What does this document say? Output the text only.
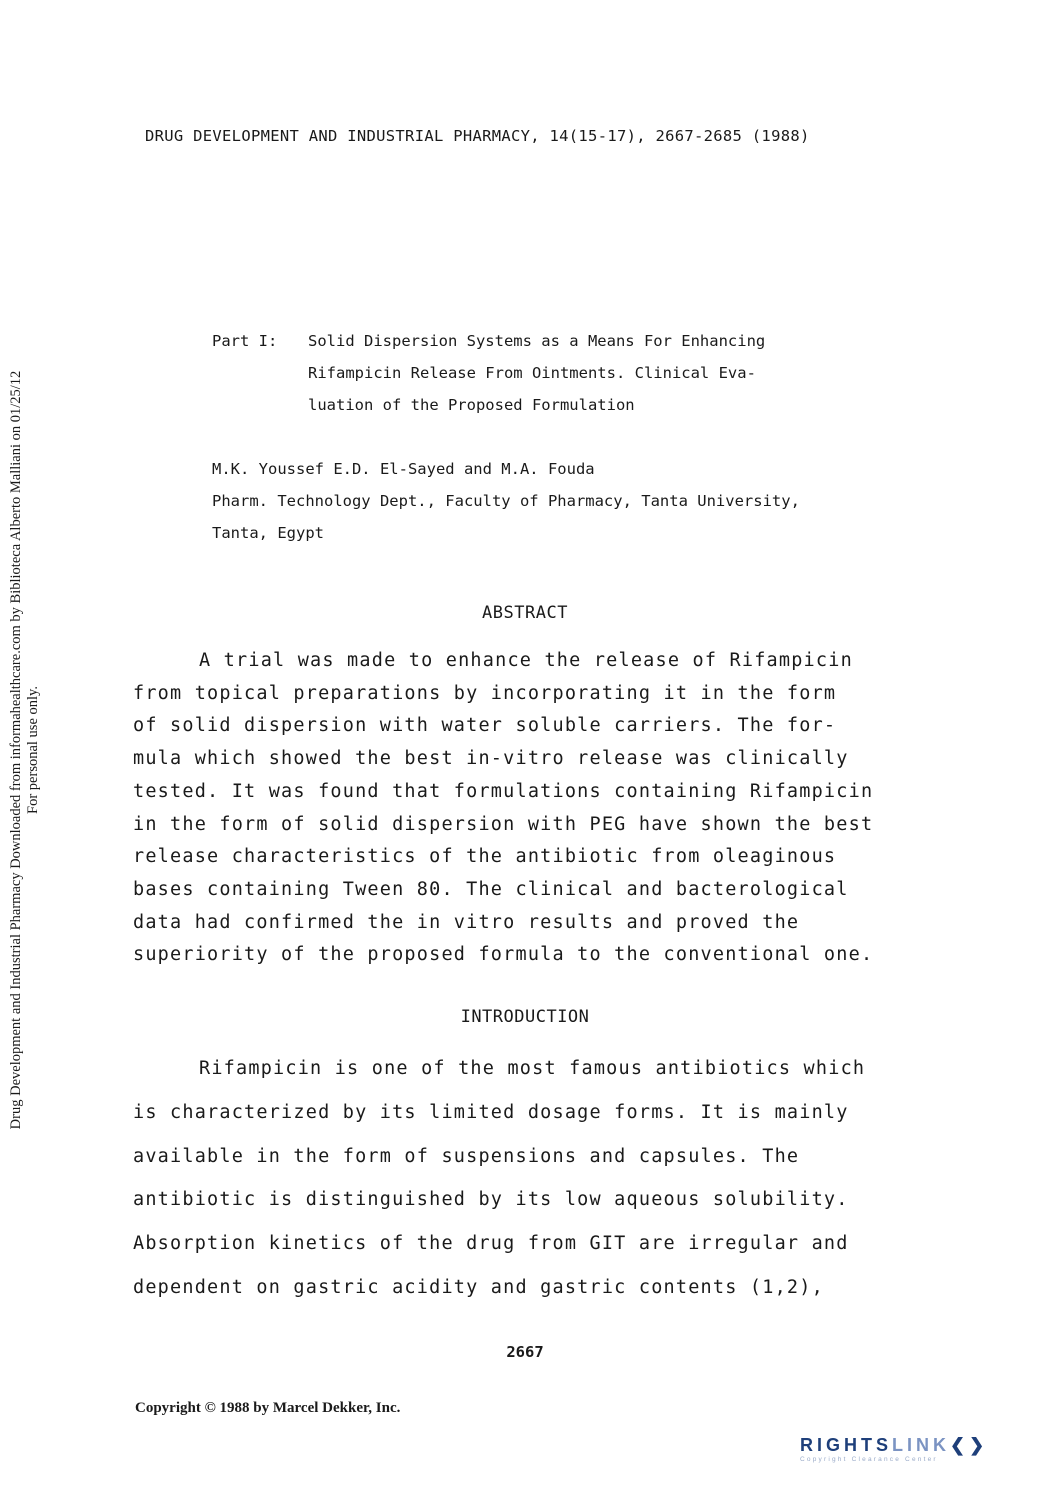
DRUG DEVELOPMENT AND INDUSTRIAL PHARMACY, 14(15-17), 2667-2685 (1988)
Drug Development and Industrial Pharmacy Downloaded from informahealthcare.com by Biblioteca Alberto Malliani on 01/25/12 For personal use only.
Part I:	Solid Dispersion Systems as a Means For Enhancing
Rifampicin Release From Ointments. Clinical Eva-
luation of the Proposed Formulation
M.K. Youssef E.D. El-Sayed and M.A. Fouda
Pharm. Technology Dept., Faculty of Pharmacy, Tanta University,
Tanta, Egypt
ABSTRACT
A trial was made to enhance the release of Rifampicin
from topical preparations by incorporating it in the form
of solid dispersion with water soluble carriers. The for-
mula which showed the best in-vitro release was clinically
tested. It was found that formulations containing Rifampicin
in the form of solid dispersion with PEG have shown the best
release characteristics of the antibiotic from oleaginous
bases containing Tween 80. The clinical and bacterological
data had confirmed the in vitro results and proved the
superiority of the proposed formula to the conventional one.
INTRODUCTION
Rifampicin is one of the most famous antibiotics which
is characterized by its limited dosage forms. It is mainly
available in the form of suspensions and capsules. The
antibiotic is distinguished by its low aqueous solubility.
Absorption kinetics of the drug from GIT are irregular and
dependent on gastric acidity and gastric contents (1,2),
2667
Copyright © 1988 by Marcel Dekker, Inc.
RIGHTSLINK❮❯
Copyright Clearance Center
